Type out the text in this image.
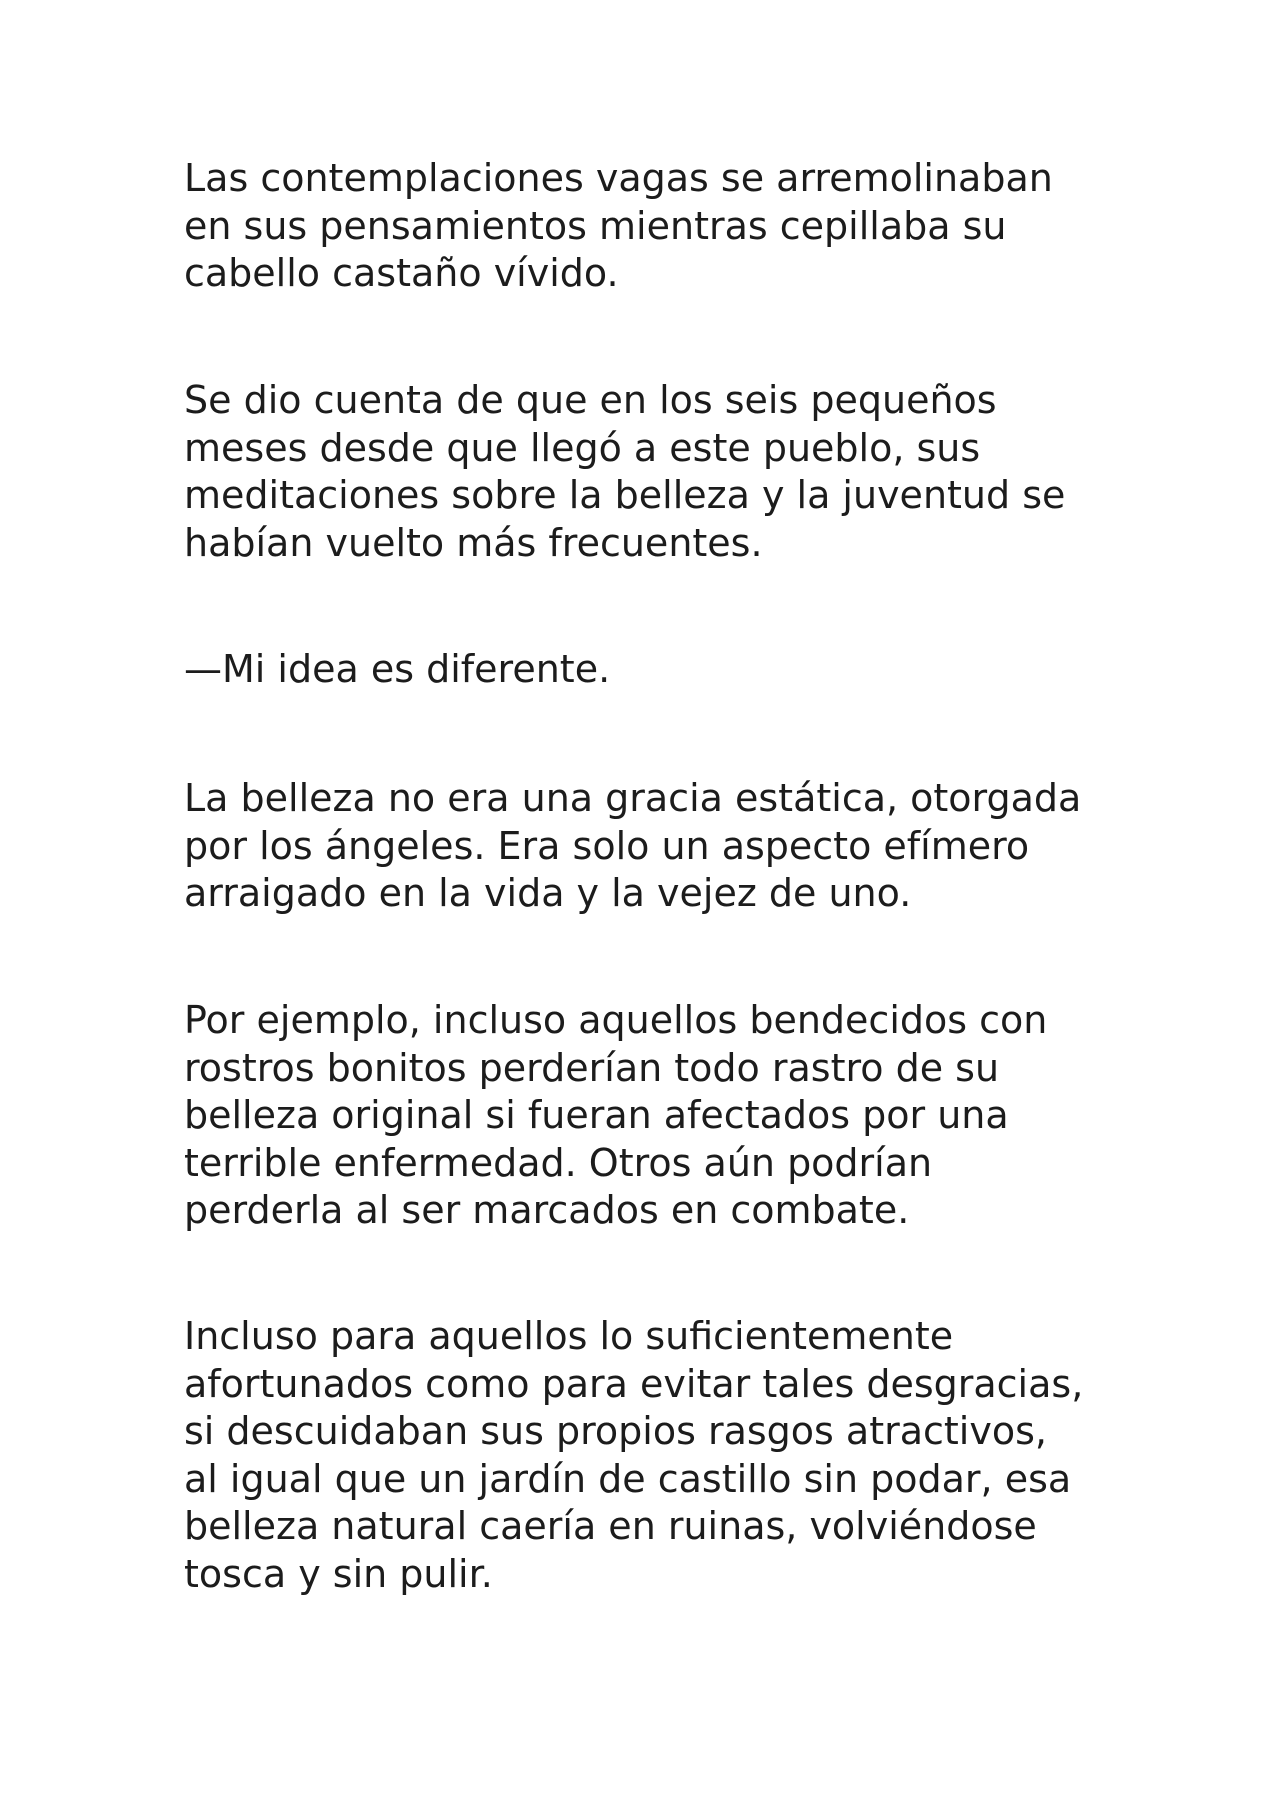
Las contemplaciones vagas se arremolinaban
en sus pensamientos mientras cepillaba su
cabello castaño vívido.

Se dio cuenta de que en los seis pequeños
meses desde que llegó a este pueblo, sus
meditaciones sobre la belleza y la juventud se
habían vuelto más frecuentes.

—Mi idea es diferente.

La belleza no era una gracia estática, otorgada
por los ángeles. Era solo un aspecto efímero
arraigado en la vida y la vejez de uno.

Por ejemplo, incluso aquellos bendecidos con
rostros bonitos perderían todo rastro de su
belleza original si fueran afectados por una
terrible enfermedad. Otros aún podrían
perderla al ser marcados en combate.

Incluso para aquellos lo suficientemente
afortunados como para evitar tales desgracias,
si descuidaban sus propios rasgos atractivos,
al igual que un jardín de castillo sin podar, esa
belleza natural caería en ruinas, volviéndose
tosca y sin pulir.
